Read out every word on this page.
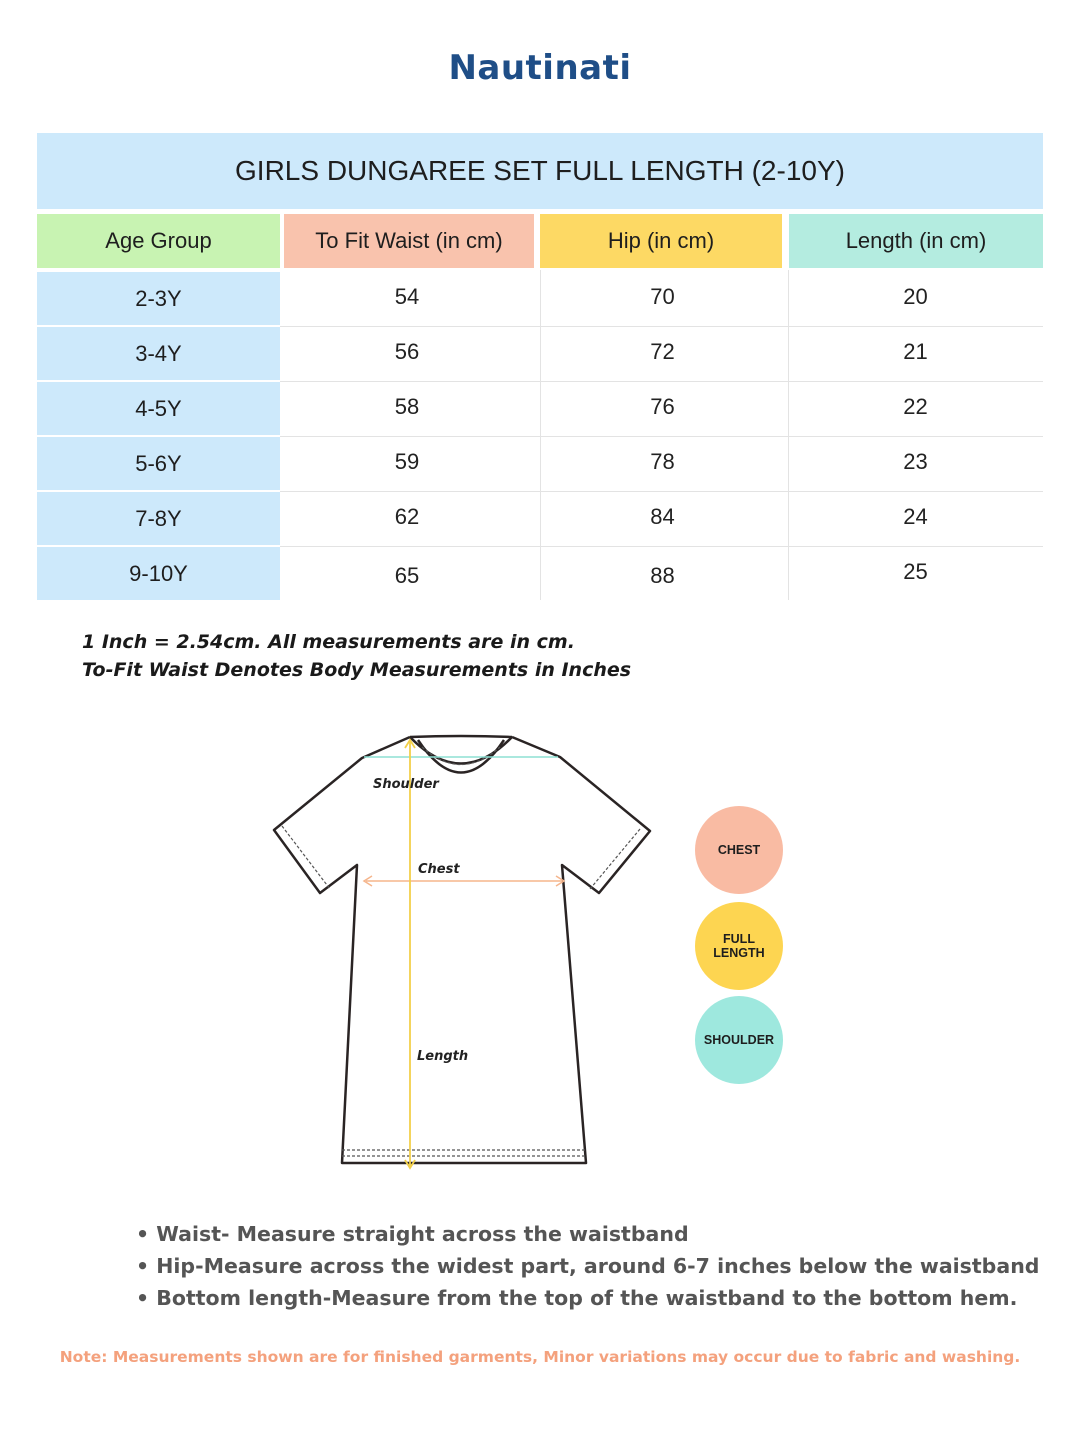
Nautinati
GIRLS DUNGAREE SET FULL LENGTH (2-10Y)
Age Group	To Fit Waist (in cm)	Hip (in cm)	Length (in cm)
2-3Y	54	70	20
3-4Y	56	72	21
4-5Y	58	76	22
5-6Y	59	78	23
7-8Y	62	84	24
9-10Y	65	88	25
1 Inch = 2.54cm. All measurements are in cm.
To-Fit Waist Denotes Body Measurements in Inches
Shoulder
Chest
Length
CHEST
FULL
LENGTH
SHOULDER
• Waist- Measure straight across the waistband
• Hip-Measure across the widest part, around 6-7 inches below the waistband
• Bottom length-Measure from the top of the waistband to the bottom hem.
Note: Measurements shown are for finished garments, Minor variations may occur due to fabric and washing.
